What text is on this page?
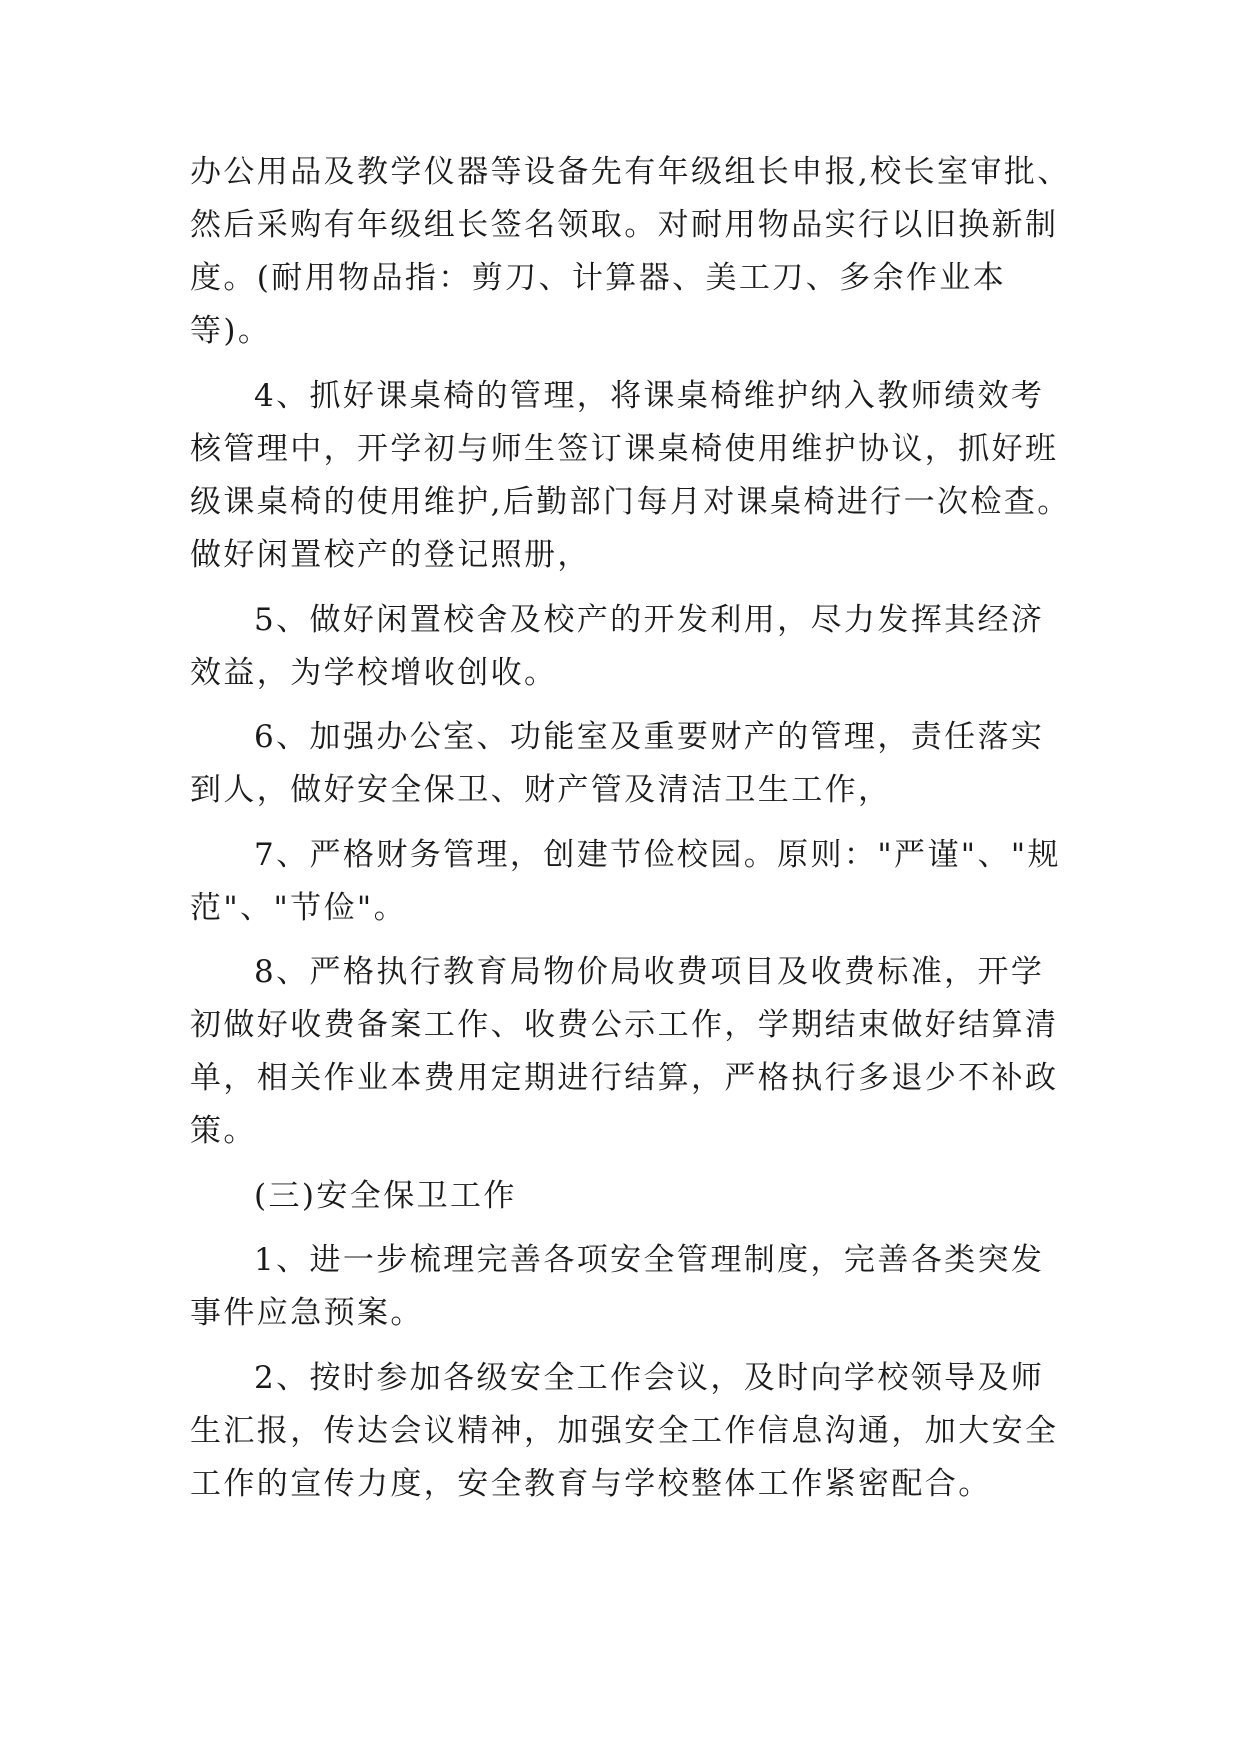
办公用品及教学仪器等设备先有年级组长申报,校长室审批、
然后采购有年级组长签名领取。对耐用物品实行以旧换新制
度。(耐用物品指：剪刀、计算器、美工刀、多余作业本
等)。
4、抓好课桌椅的管理，将课桌椅维护纳入教师绩效考
核管理中，开学初与师生签订课桌椅使用维护协议，抓好班
级课桌椅的使用维护,后勤部门每月对课桌椅进行一次检查。
做好闲置校产的登记照册，
5、做好闲置校舍及校产的开发利用，尽力发挥其经济
效益，为学校增收创收。
6、加强办公室、功能室及重要财产的管理，责任落实
到人，做好安全保卫、财产管及清洁卫生工作，
7、严格财务管理，创建节俭校园。原则："严谨"、"规
范"、"节俭"。
8、严格执行教育局物价局收费项目及收费标准，开学
初做好收费备案工作、收费公示工作，学期结束做好结算清
单，相关作业本费用定期进行结算，严格执行多退少不补政
策。
(三)安全保卫工作
1、进一步梳理完善各项安全管理制度，完善各类突发
事件应急预案。
2、按时参加各级安全工作会议，及时向学校领导及师
生汇报，传达会议精神，加强安全工作信息沟通，加大安全
工作的宣传力度，安全教育与学校整体工作紧密配合。
